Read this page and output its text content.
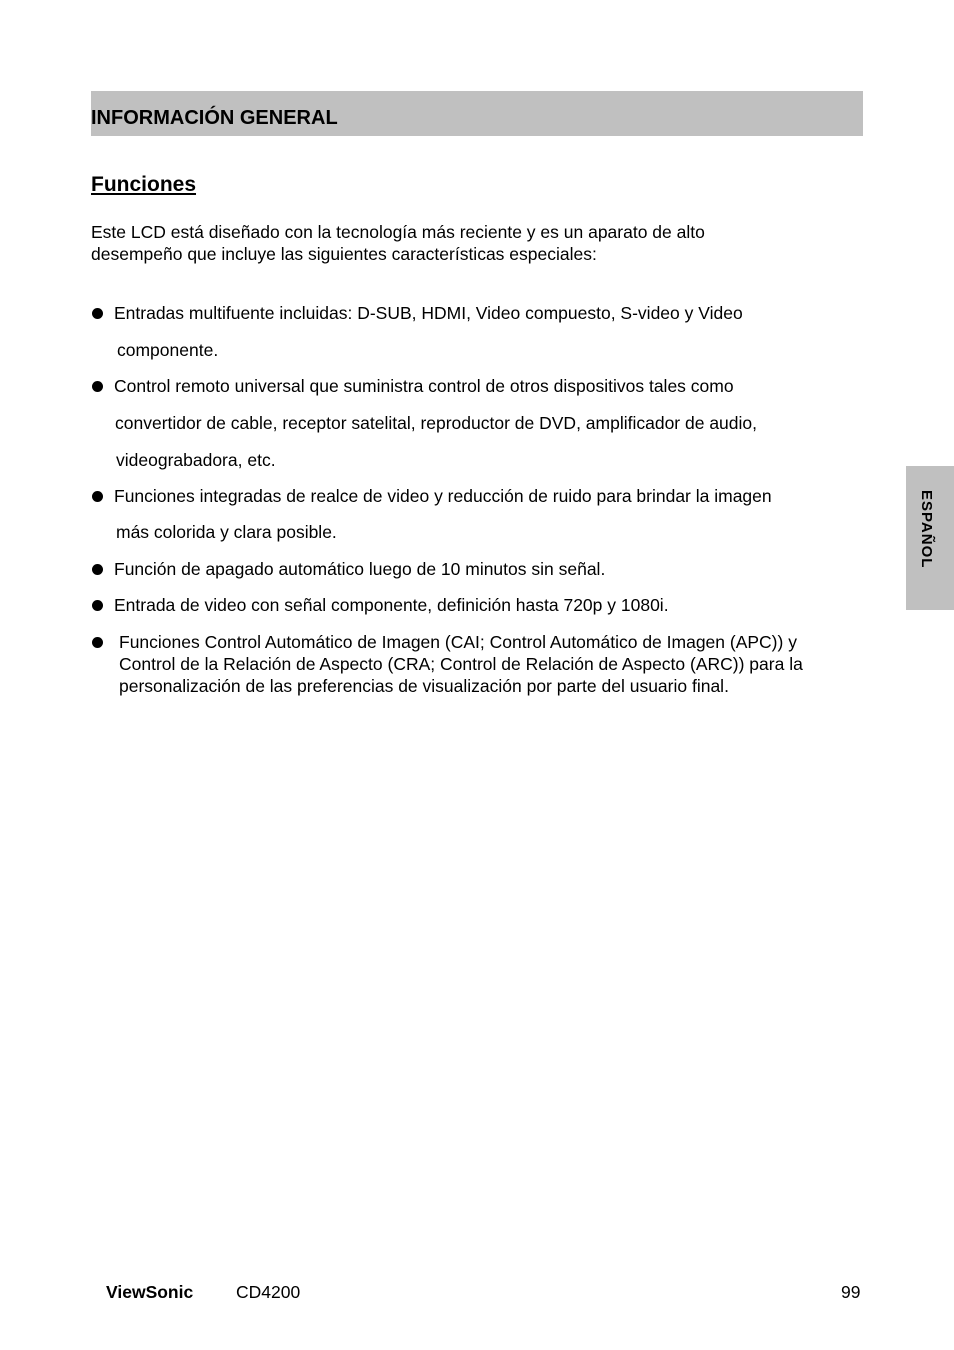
INFORMACIÓN GENERAL
Funciones
Este LCD está diseñado con la tecnología más reciente y es un aparato de alto
desempeño que incluye las siguientes características especiales:
Entradas multifuente incluidas: D-SUB, HDMI, Video compuesto, S-video y Video
componente.
Control remoto universal que suministra control de otros dispositivos tales como
convertidor de cable, receptor satelital, reproductor de DVD, amplificador de audio,
videograbadora, etc.
Funciones integradas de realce de video y reducción de ruido para brindar la imagen
más colorida y clara posible.
Función de apagado automático luego de 10 minutos sin señal.
Entrada de video con señal componente, definición hasta 720p y 1080i.
Funciones Control Automático de Imagen (CAI; Control Automático de Imagen (APC)) y
Control de la Relación de Aspecto (CRA; Control de Relación de Aspecto (ARC)) para la
personalización de las preferencias de visualización por parte del usuario final.
ESPAÑOL
ViewSonic CD4200	99
